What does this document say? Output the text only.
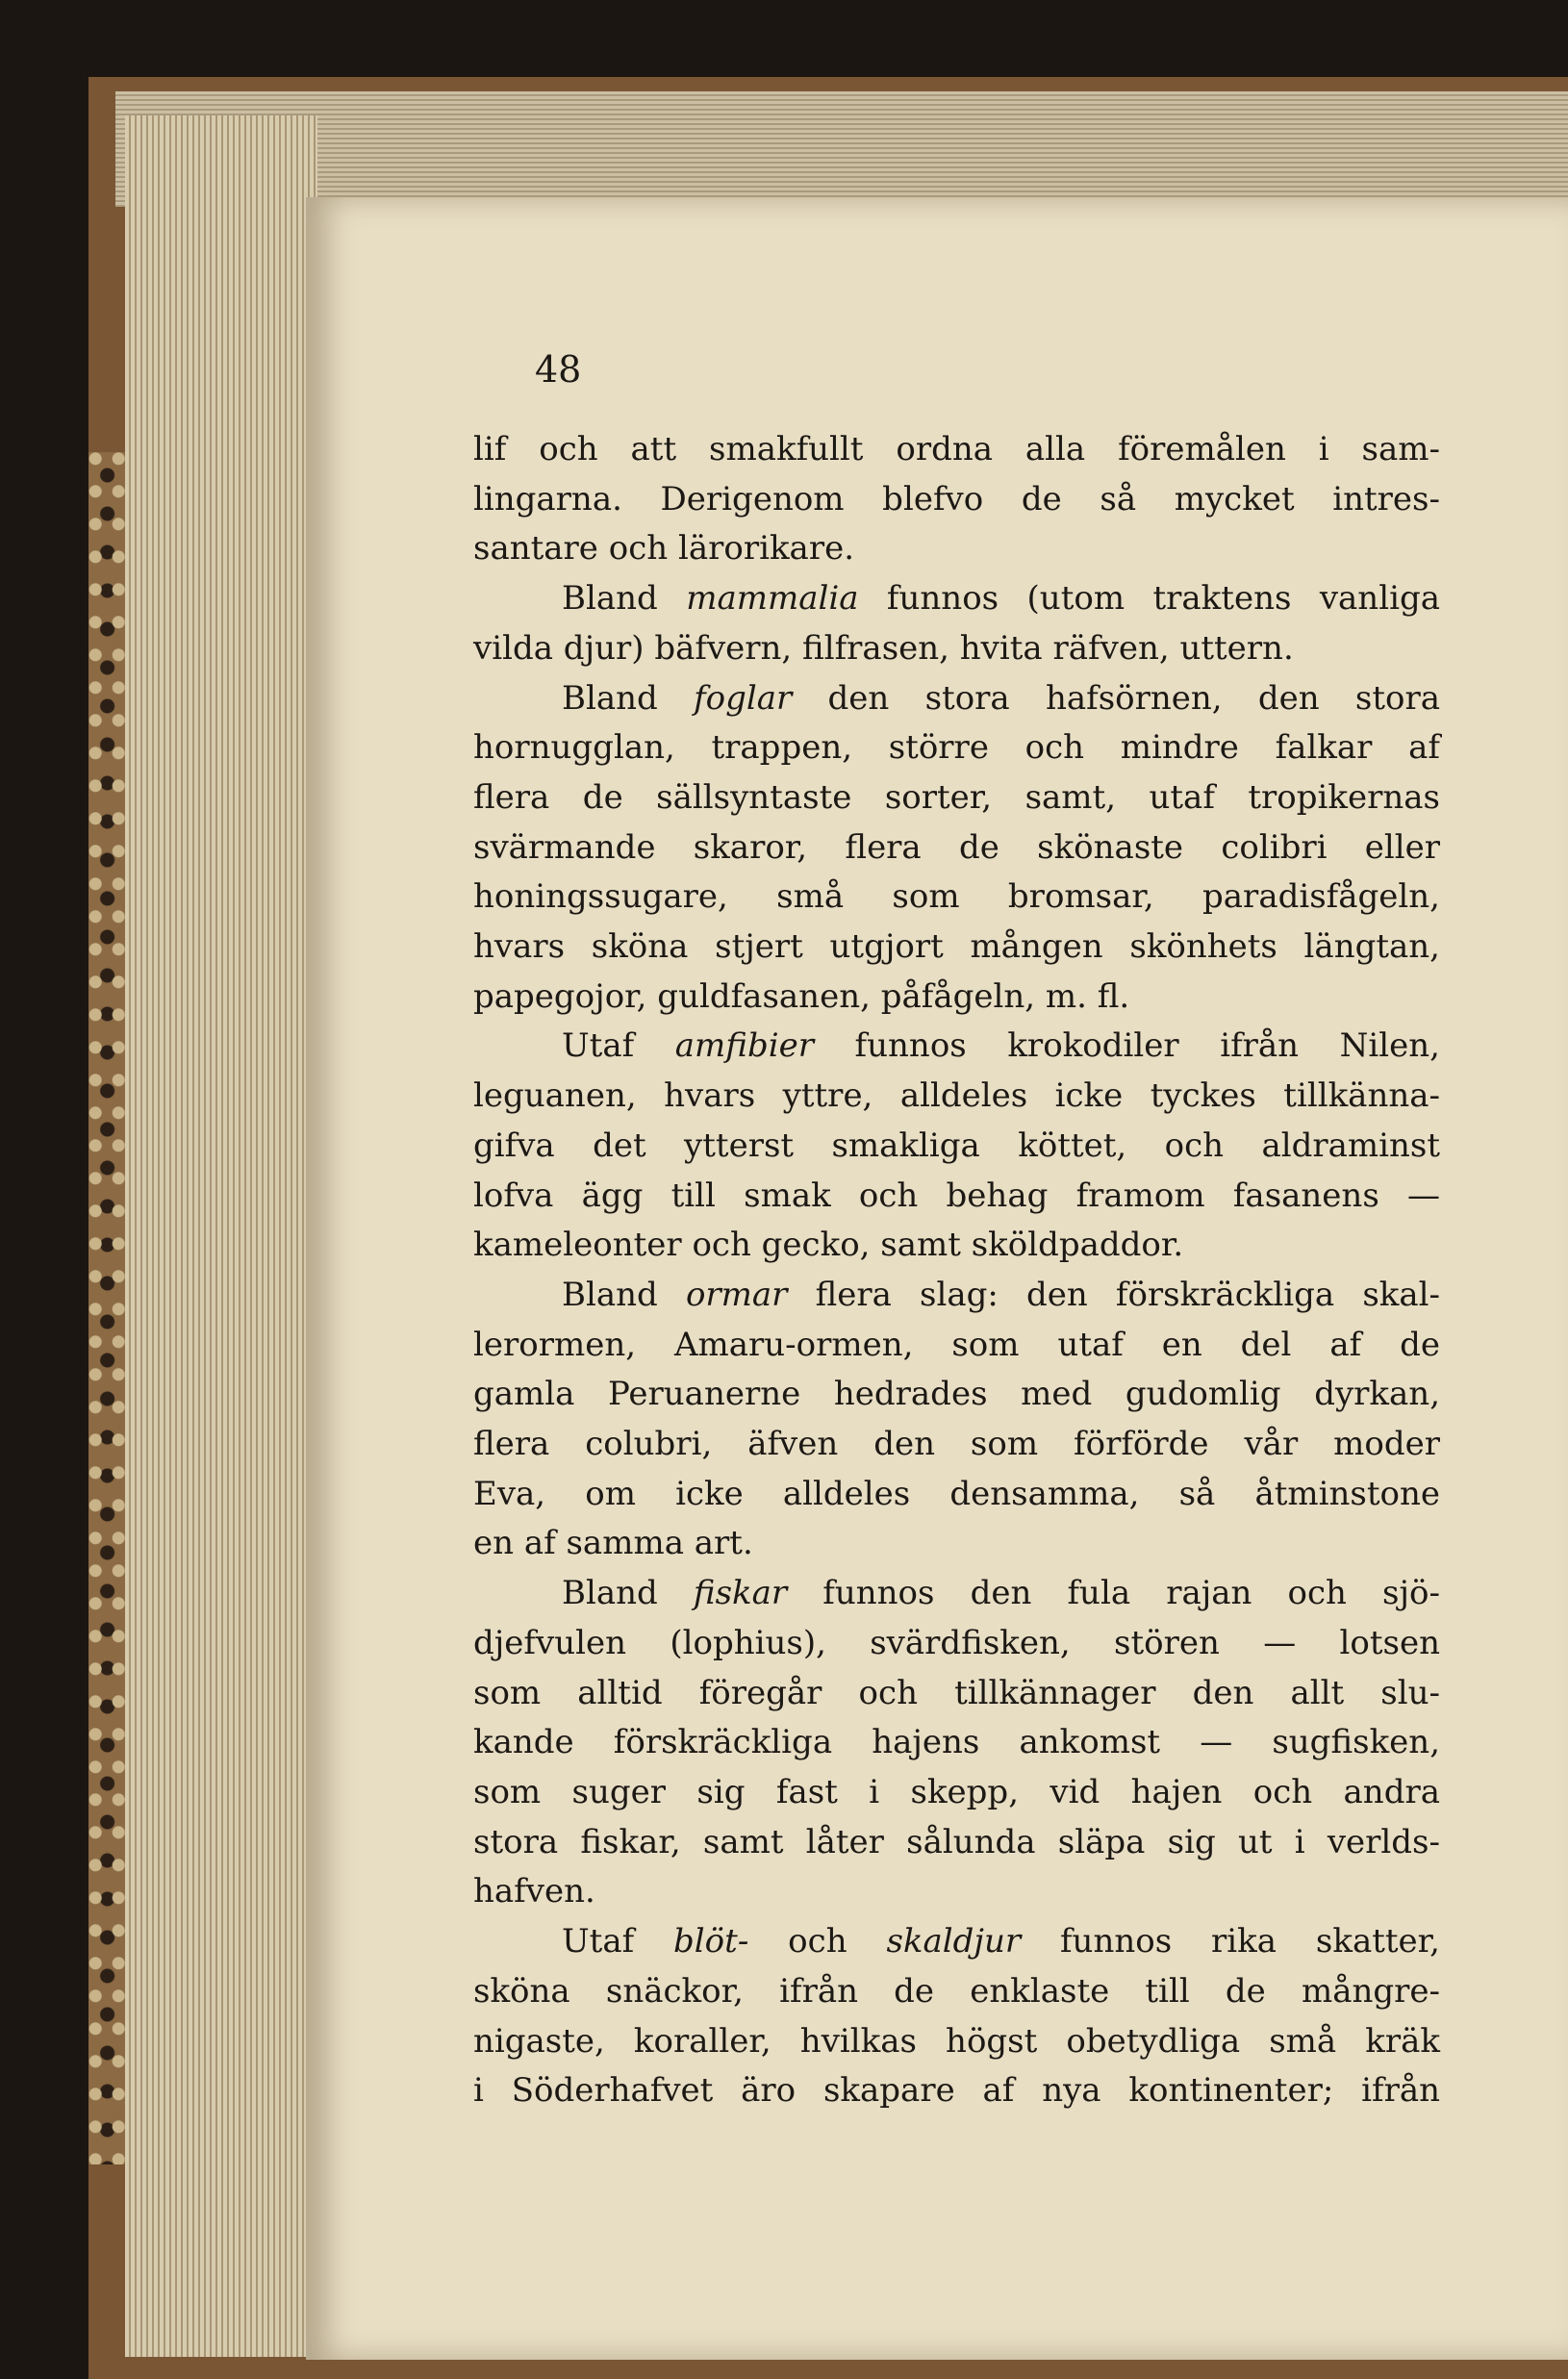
48
lif och att smakfullt ordna alla föremålen i sam-
lingarna. Derigenom blefvo de så mycket intres-
santare och lärorikare.
Bland mammalia funnos (utom traktens vanliga
vilda djur) bäfvern, filfrasen, hvita räfven, uttern.
Bland foglar den stora hafsörnen, den stora
hornugglan, trappen, större och mindre falkar af
flera de sällsyntaste sorter, samt, utaf tropikernas
svärmande skaror, flera de skönaste colibri eller
honingssugare, små som bromsar, paradisfågeln,
hvars sköna stjert utgjort mången skönhets längtan,
papegojor, guldfasanen, påfågeln, m. fl.
Utaf amfibier funnos krokodiler ifrån Nilen,
leguanen, hvars yttre, alldeles icke tyckes tillkänna-
gifva det ytterst smakliga köttet, och aldraminst
lofva ägg till smak och behag framom fasanens —
kameleonter och gecko, samt sköldpaddor.
Bland ormar flera slag: den förskräckliga skal-
lerormen, Amaru-ormen, som utaf en del af de
gamla Peruanerne hedrades med gudomlig dyrkan,
flera colubri, äfven den som förförde vår moder
Eva, om icke alldeles densamma, så åtminstone
en af samma art.
Bland fiskar funnos den fula rajan och sjö-
djefvulen (lophius), svärdfisken, stören — lotsen
som alltid föregår och tillkännager den allt slu-
kande förskräckliga hajens ankomst — sugfisken,
som suger sig fast i skepp, vid hajen och andra
stora fiskar, samt låter sålunda släpa sig ut i verlds-
hafven.
Utaf blöt- och skaldjur funnos rika skatter,
sköna snäckor, ifrån de enklaste till de mångre-
nigaste, koraller, hvilkas högst obetydliga små kräk
i Söderhafvet äro skapare af nya kontinenter; ifrån
